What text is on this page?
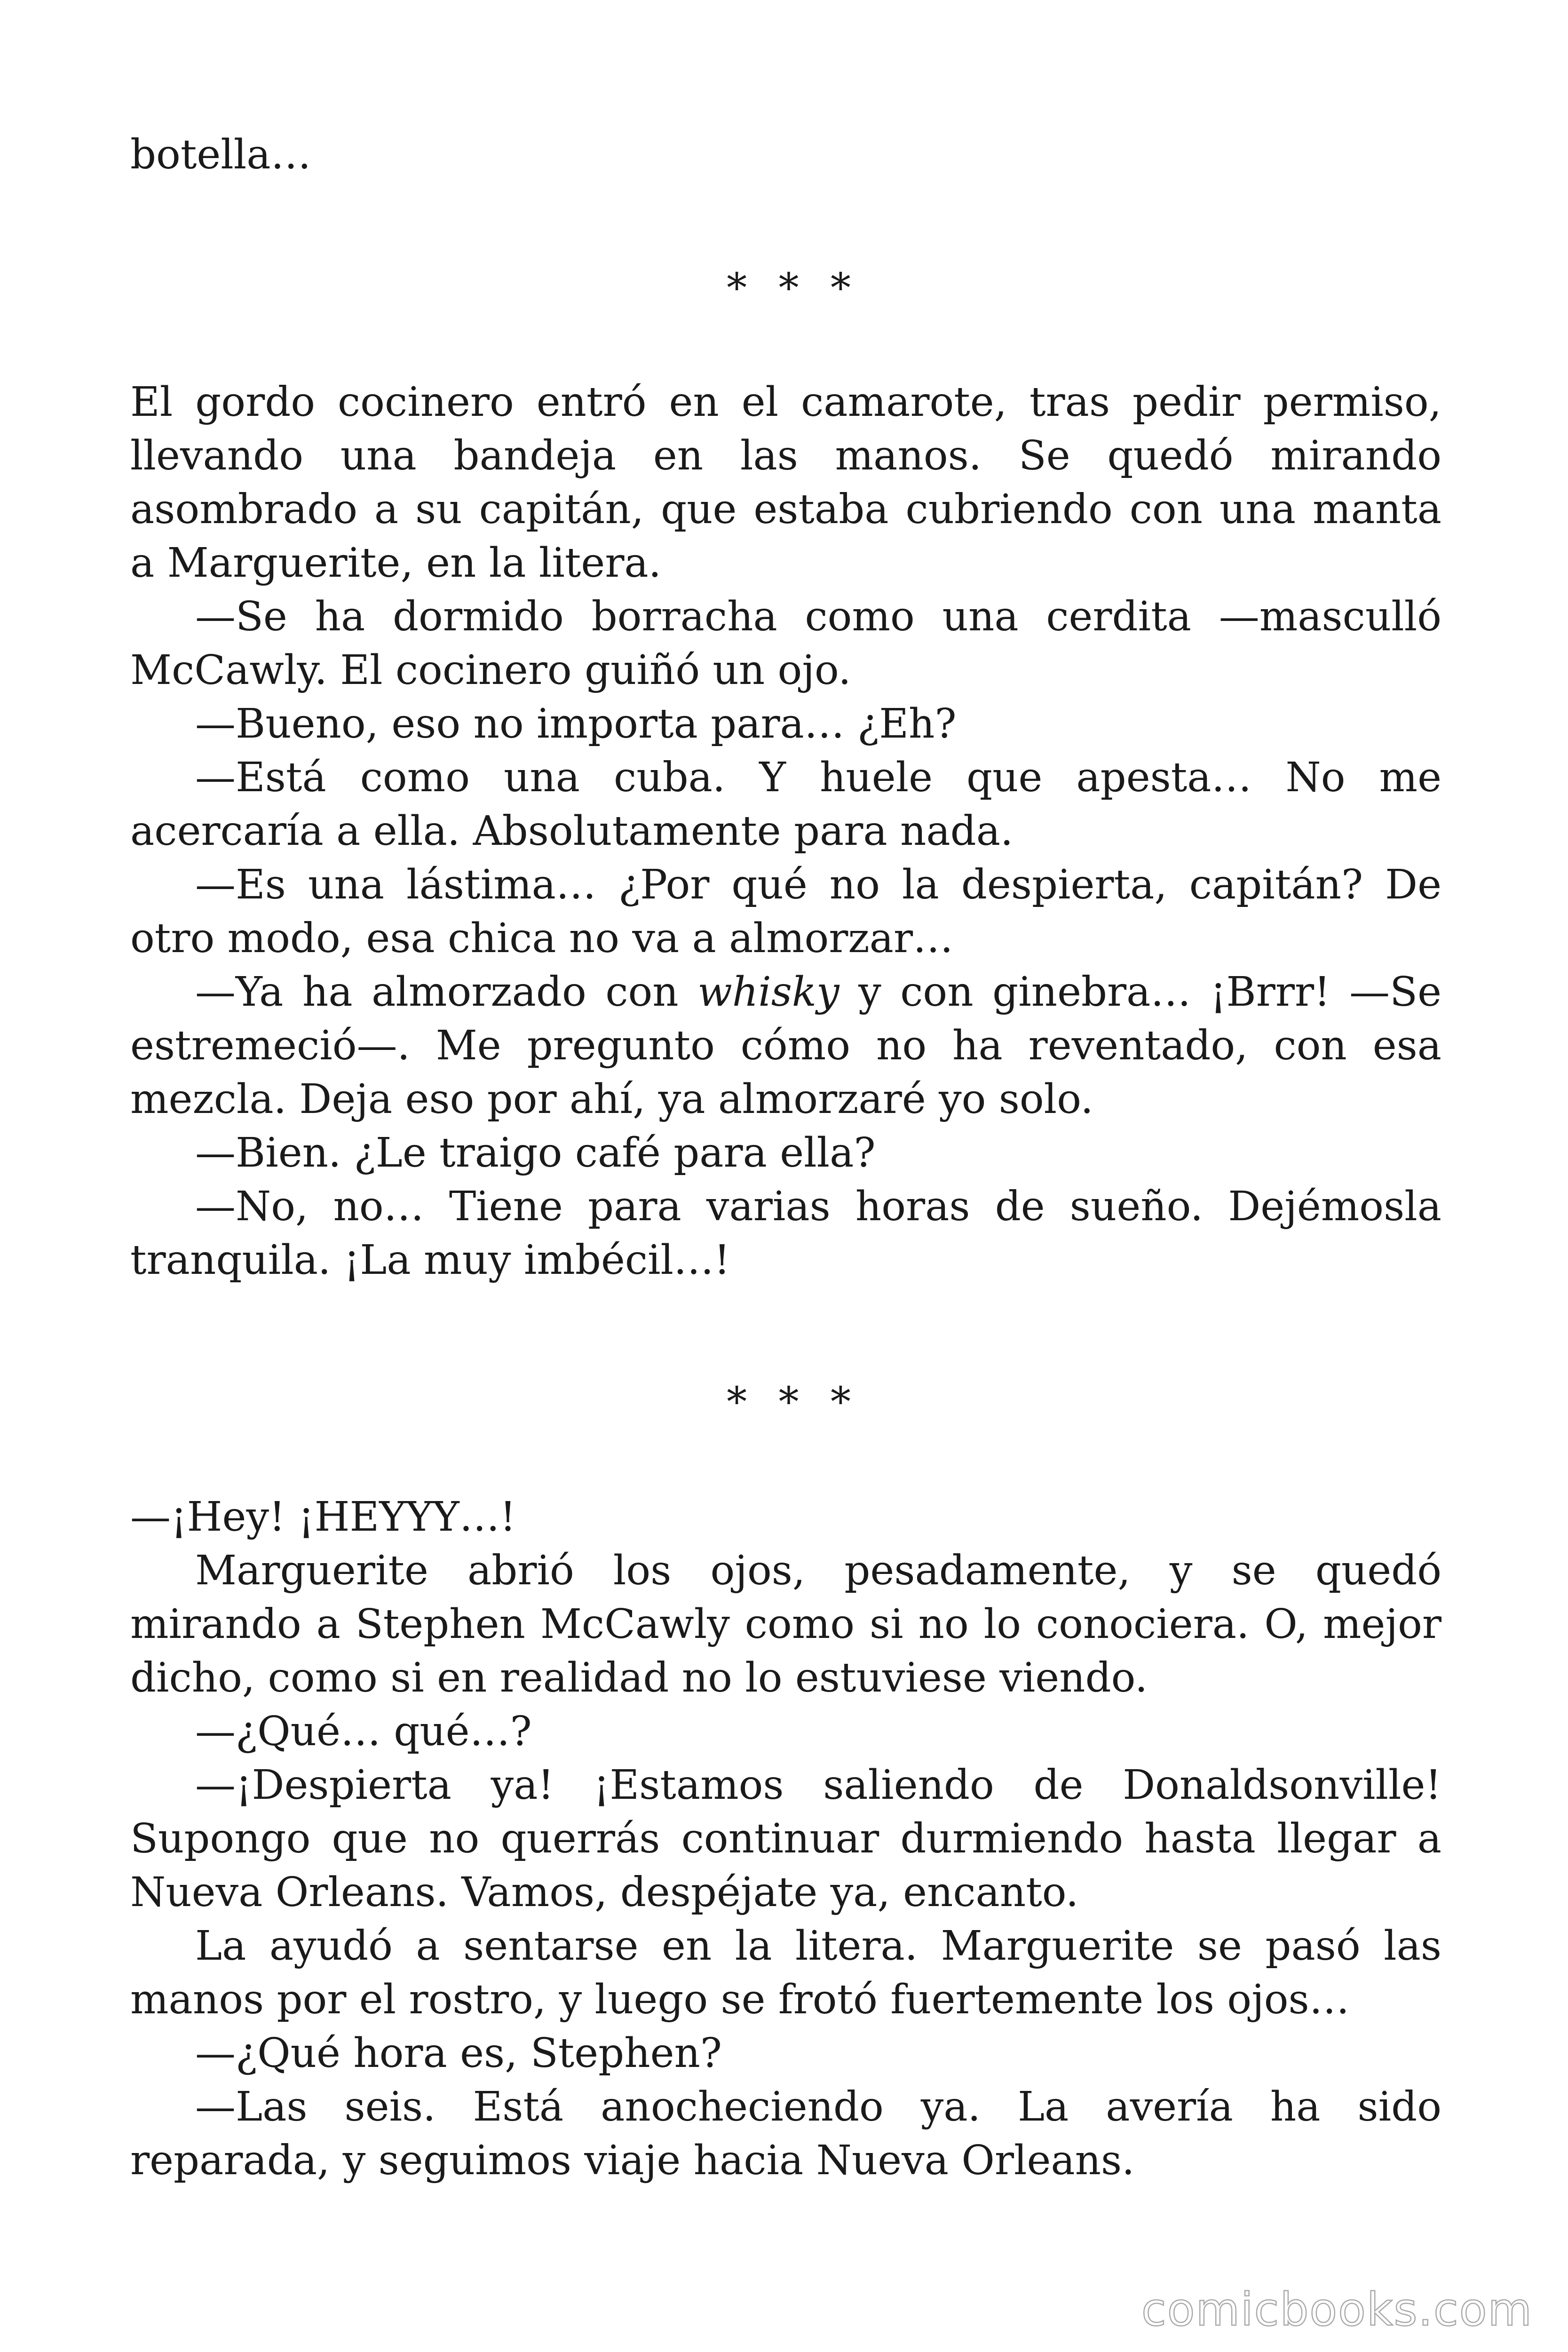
botella…

* * *

El gordo cocinero entró en el camarote, tras pedir permiso, llevando una bandeja en las manos. Se quedó mirando asombrado a su capitán, que estaba cubriendo con una manta a Marguerite, en la litera.

—Se ha dormido borracha como una cerdita —masculló McCawly. El cocinero guiñó un ojo.

—Bueno, eso no importa para… ¿Eh?

—Está como una cuba. Y huele que apesta… No me acercaría a ella. Absolutamente para nada.

—Es una lástima… ¿Por qué no la despierta, capitán? De otro modo, esa chica no va a almorzar…

—Ya ha almorzado con whisky y con ginebra… ¡Brrr! —Se estremeció—. Me pregunto cómo no ha reventado, con esa mezcla. Deja eso por ahí, ya almorzaré yo solo.

—Bien. ¿Le traigo café para ella?

—No, no… Tiene para varias horas de sueño. Dejémosla tranquila. ¡La muy imbécil…!

* * *

—¡Hey! ¡HEYYY…!

Marguerite abrió los ojos, pesadamente, y se quedó mirando a Stephen McCawly como si no lo conociera. O, mejor dicho, como si en realidad no lo estuviese viendo.

—¿Qué… qué…?

—¡Despierta ya! ¡Estamos saliendo de Donaldsonville! Supongo que no querrás continuar durmiendo hasta llegar a Nueva Orleans. Vamos, despéjate ya, encanto.

La ayudó a sentarse en la litera. Marguerite se pasó las manos por el rostro, y luego se frotó fuertemente los ojos…

—¿Qué hora es, Stephen?

—Las seis. Está anocheciendo ya. La avería ha sido reparada, y seguimos viaje hacia Nueva Orleans.

comicbooks.com
